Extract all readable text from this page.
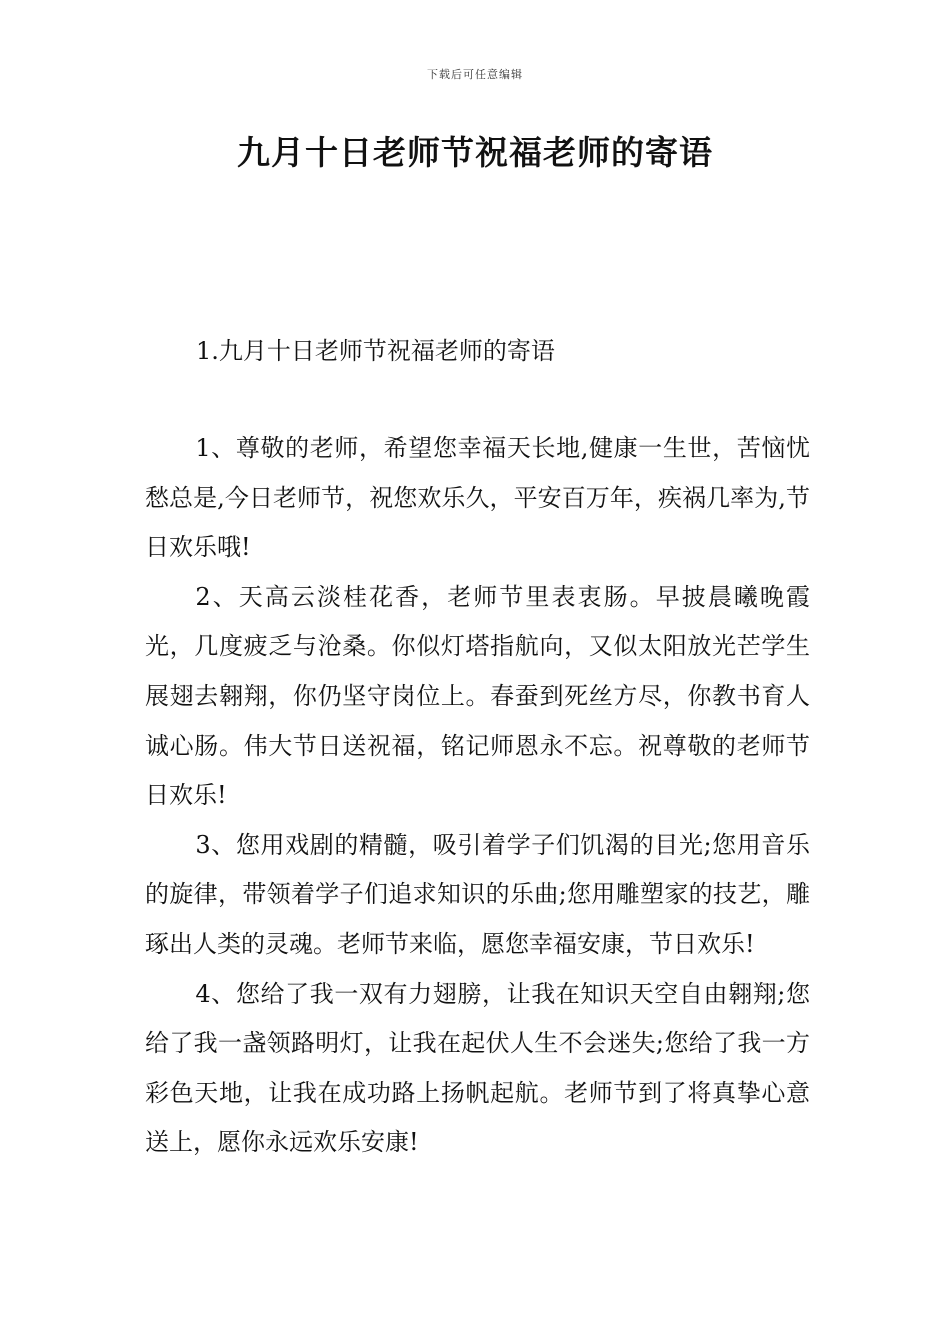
下载后可任意编辑
九月十日老师节祝福老师的寄语
1.九月十日老师节祝福老师的寄语

1、尊敬的老师，希望您幸福天长地,健康一生世，苦恼忧愁总是,今日老师节，祝您欢乐久，平安百万年，疾祸几率为,节日欢乐哦!

2、天高云淡桂花香，老师节里表衷肠。早披晨曦晚霞光，几度疲乏与沧桑。你似灯塔指航向，又似太阳放光芒学生展翅去翱翔，你仍坚守岗位上。春蚕到死丝方尽，你教书育人诚心肠。伟大节日送祝福，铭记师恩永不忘。祝尊敬的老师节日欢乐!

3、您用戏剧的精髓，吸引着学子们饥渴的目光;您用音乐的旋律，带领着学子们追求知识的乐曲;您用雕塑家的技艺，雕琢出人类的灵魂。老师节来临，愿您幸福安康，节日欢乐!

4、您给了我一双有力翅膀，让我在知识天空自由翱翔;您给了我一盏领路明灯，让我在起伏人生不会迷失;您给了我一方彩色天地，让我在成功路上扬帆起航。老师节到了将真挚心意送上，愿你永远欢乐安康!
